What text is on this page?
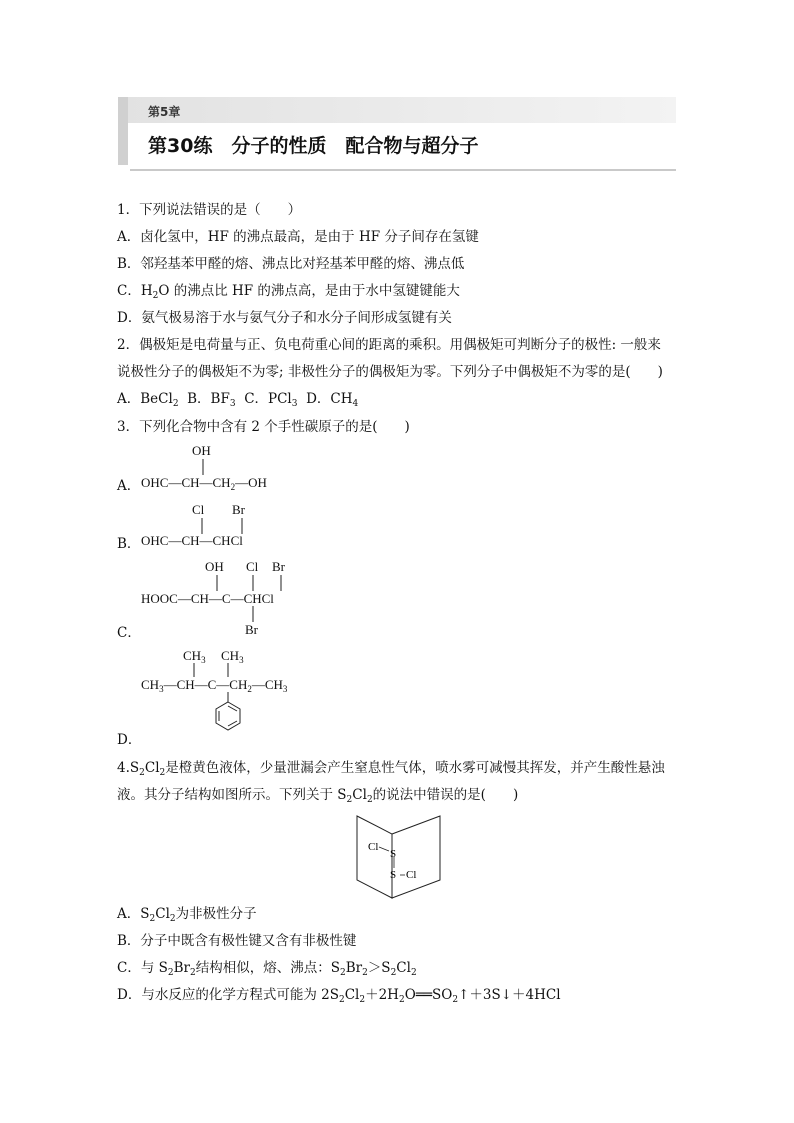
第5章
第30练　分子的性质　配合物与超分子
1．下列说法错误的是（　　）
A．卤化氢中，HF 的沸点最高，是由于 HF 分子间存在氢键
B．邻羟基苯甲醛的熔、沸点比对羟基苯甲醛的熔、沸点低
C．$H_2O$ 的沸点比 HF 的沸点高，是由于水中氢键键能大
D．氨气极易溶于水与氨气分子和水分子间形成氢键有关
2．偶极矩是电荷量与正、负电荷重心间的距离的乘积。用偶极矩可判断分子的极性: 一般来
说极性分子的偶极矩不为零; 非极性分子的偶极矩为零。下列分子中偶极矩不为零的是(　　)
A．BeCl$_2$ B．$BF_3$ C．PCl$_3$ D．$CH_4$
3．下列化合物中含有 2 个手性碳原子的是(　　)
OH
A． $OHC—CH—CH_2—OH$
Cl Br
B． OHC—CH—CHCl
OH Cl Br
HOOC—CH—C—CHCl
C．	Br
$CH_3$ $CH_3$
$CH_3—CH—C—CH_2—CH_3$
D．
$4.S_2Cl_2$是橙黄色液体，少量泄漏会产生窒息性气体，喷水雾可减慢其挥发，并产生酸性悬浊
液。其分子结构如图所示。下列关于 $S_2Cl_2$的说法中错误的是(　　)
Cl
S
S Cl
A．$S_2Cl_2$为非极性分子
B．分子中既含有极性键又含有非极性键
C．与 $S_2Br_2$结构相似，熔、沸点：$S_2Br_2>S_2Cl_2$
D．与水反应的化学方程式可能为 $2S_2Cl_2+2H_2O══SO_2↑+3S↓+4HCl$
